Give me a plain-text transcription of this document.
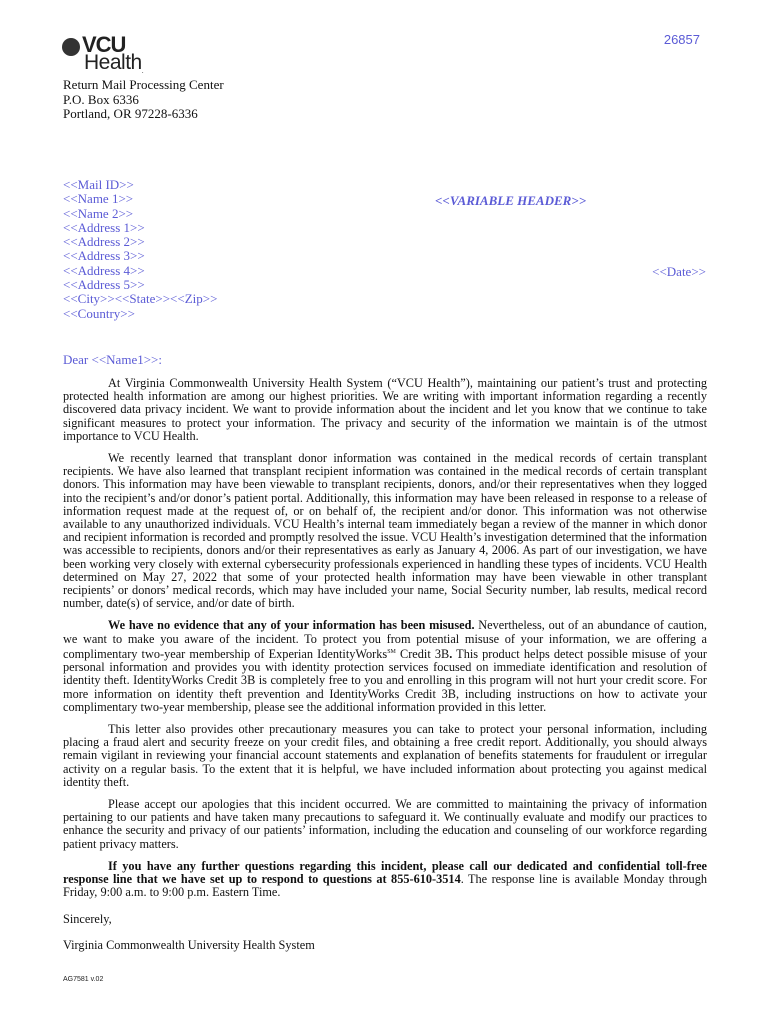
VCU
Health.
26857
Return Mail Processing Center
P.O. Box 6336
Portland, OR 97228-6336
<<Mail ID>>
<<Name 1>>
<<Name 2>>
<<Address 1>>
<<Address 2>>
<<Address 3>>
<<Address 4>>
<<Address 5>>
<<City>><<State>><<Zip>>
<<Country>>
<<VARIABLE HEADER>>
<<Date>>
Dear <<Name1>>:

At Virginia Commonwealth University Health System (“VCU Health”), maintaining our patient’s trust and protecting protected health information are among our highest priorities. We are writing with important information regarding a recently discovered data privacy incident. We want to provide information about the incident and let you know that we continue to take significant measures to protect your information. The privacy and security of the information we maintain is of the utmost importance to VCU Health.

We recently learned that transplant donor information was contained in the medical records of certain transplant recipients. We have also learned that transplant recipient information was contained in the medical records of certain transplant donors. This information may have been viewable to transplant recipients, donors, and/or their representatives when they logged into the recipient’s and/or donor’s patient portal. Additionally, this information may have been released in response to a release of information request made at the request of, or on behalf of, the recipient and/or donor. This information was not otherwise available to any unauthorized individuals. VCU Health’s internal team immediately began a review of the manner in which donor and recipient information is recorded and promptly resolved the issue. VCU Health’s investigation determined that the information was accessible to recipients, donors and/or their representatives as early as January 4, 2006. As part of our investigation, we have been working very closely with external cybersecurity professionals experienced in handling these types of incidents. VCU Health determined on May 27, 2022 that some of your protected health information may have been viewable in other transplant recipients’ or donors’ medical records, which may have included your name, Social Security number, lab results, medical record number, date(s) of service, and/or date of birth.

We have no evidence that any of your information has been misused. Nevertheless, out of an abundance of caution, we want to make you aware of the incident. To protect you from potential misuse of your information, we are offering a complimentary two-year membership of Experian IdentityWorks℠ Credit 3B. This product helps detect possible misuse of your personal information and provides you with identity protection services focused on immediate identification and resolution of identity theft. IdentityWorks Credit 3B is completely free to you and enrolling in this program will not hurt your credit score. For more information on identity theft prevention and IdentityWorks Credit 3B, including instructions on how to activate your complimentary two-year membership, please see the additional information provided in this letter.

This letter also provides other precautionary measures you can take to protect your personal information, including placing a fraud alert and security freeze on your credit files, and obtaining a free credit report. Additionally, you should always remain vigilant in reviewing your financial account statements and explanation of benefits statements for fraudulent or irregular activity on a regular basis. To the extent that it is helpful, we have included information about protecting you against medical identity theft.

Please accept our apologies that this incident occurred. We are committed to maintaining the privacy of information pertaining to our patients and have taken many precautions to safeguard it. We continually evaluate and modify our practices to enhance the security and privacy of our patients’ information, including the education and counseling of our workforce regarding patient privacy matters.

If you have any further questions regarding this incident, please call our dedicated and confidential toll-free response line that we have set up to respond to questions at 855-610-3514. The response line is available Monday through Friday, 9:00 a.m. to 9:00 p.m. Eastern Time.

Sincerely,
Virginia Commonwealth University Health System
AG7581 v.02
